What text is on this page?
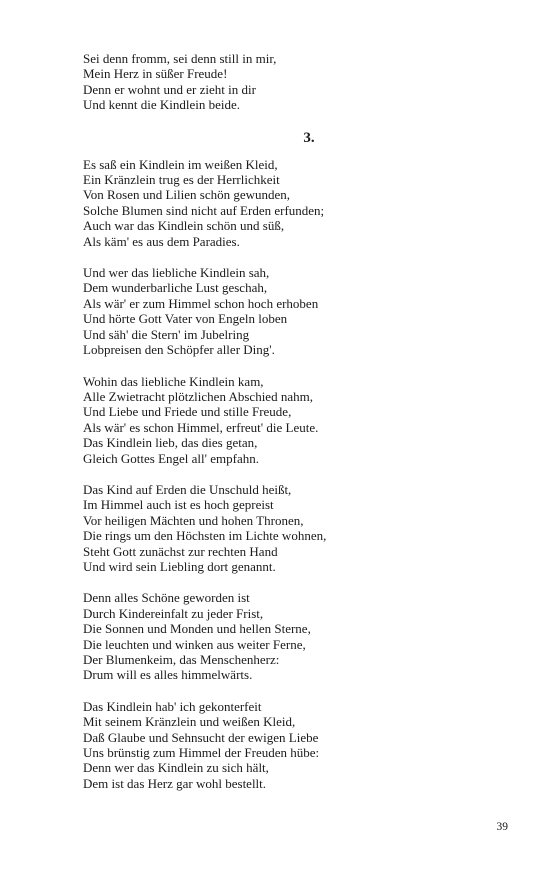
Sei denn fromm, sei denn still in mir,
Mein Herz in süßer Freude!
Denn er wohnt und er zieht in dir
Und kennt die Kindlein beide.
3.
Es saß ein Kindlein im weißen Kleid,
Ein Kränzlein trug es der Herrlichkeit
Von Rosen und Lilien schön gewunden,
Solche Blumen sind nicht auf Erden erfunden;
Auch war das Kindlein schön und süß,
Als käm' es aus dem Paradies.
Und wer das liebliche Kindlein sah,
Dem wunderbarliche Lust geschah,
Als wär' er zum Himmel schon hoch erhoben
Und hörte Gott Vater von Engeln loben
Und säh' die Stern' im Jubelring
Lobpreisen den Schöpfer aller Ding'.
Wohin das liebliche Kindlein kam,
Alle Zwietracht plötzlichen Abschied nahm,
Und Liebe und Friede und stille Freude,
Als wär' es schon Himmel, erfreut' die Leute.
Das Kindlein lieb, das dies getan,
Gleich Gottes Engel all' empfahn.
Das Kind auf Erden die Unschuld heißt,
Im Himmel auch ist es hoch gepreist
Vor heiligen Mächten und hohen Thronen,
Die rings um den Höchsten im Lichte wohnen,
Steht Gott zunächst zur rechten Hand
Und wird sein Liebling dort genannt.
Denn alles Schöne geworden ist
Durch Kindereinfalt zu jeder Frist,
Die Sonnen und Monden und hellen Sterne,
Die leuchten und winken aus weiter Ferne,
Der Blumenkeim, das Menschenherz:
Drum will es alles himmelwärts.
Das Kindlein hab' ich gekonterfeit
Mit seinem Kränzlein und weißen Kleid,
Daß Glaube und Sehnsucht der ewigen Liebe
Uns brünstig zum Himmel der Freuden hübe:
Denn wer das Kindlein zu sich hält,
Dem ist das Herz gar wohl bestellt.
39
